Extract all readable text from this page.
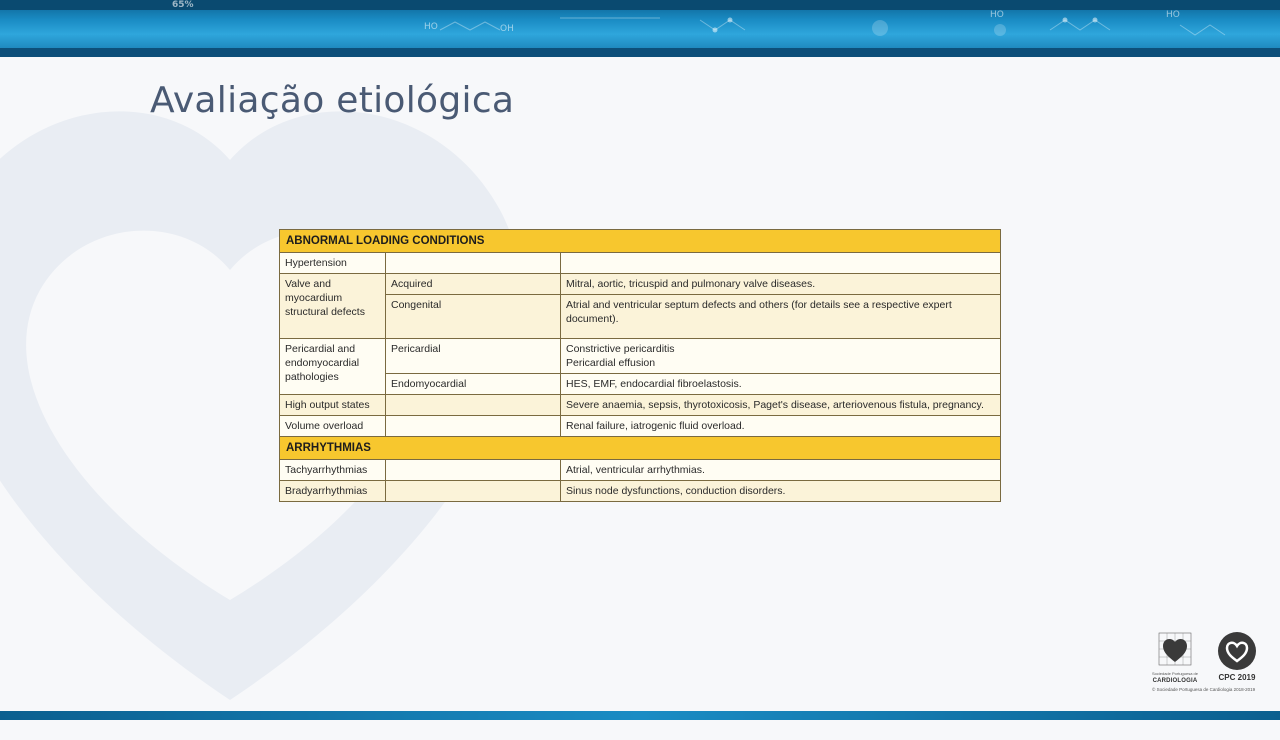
65%
HO	OH
HO	HO
Avaliação etiológica
ABNORMAL LOADING CONDITIONS		
Hypertension		
Valve and myocardium structural defects	Acquired	Mitral, aortic, tricuspid and pulmonary valve diseases.
	Congenital	Atrial and ventricular septum defects and others (for details see a respective expert document).
Pericardial and endomyocardial pathologies	Pericardial	Constrictive pericarditis
Pericardial effusion

	Endomyocardial	HES, EMF, endocardial fibroelastosis.
High output states		Severe anaemia, sepsis, thyrotoxicosis, Paget's disease, arteriovenous fistula, pregnancy.
Volume overload		Renal failure, iatrogenic fluid overload.
ARRHYTHMIAS		
Tachyarrhythmias		Atrial, ventricular arrhythmias.
Bradyarrhythmias		Sinus node dysfunctions, conduction disorders.
Sociedade Portuguesa de
CARDIOLOGIA	CPC 2019
© Sociedade Portuguesa de Cardiologia 2018-2019
